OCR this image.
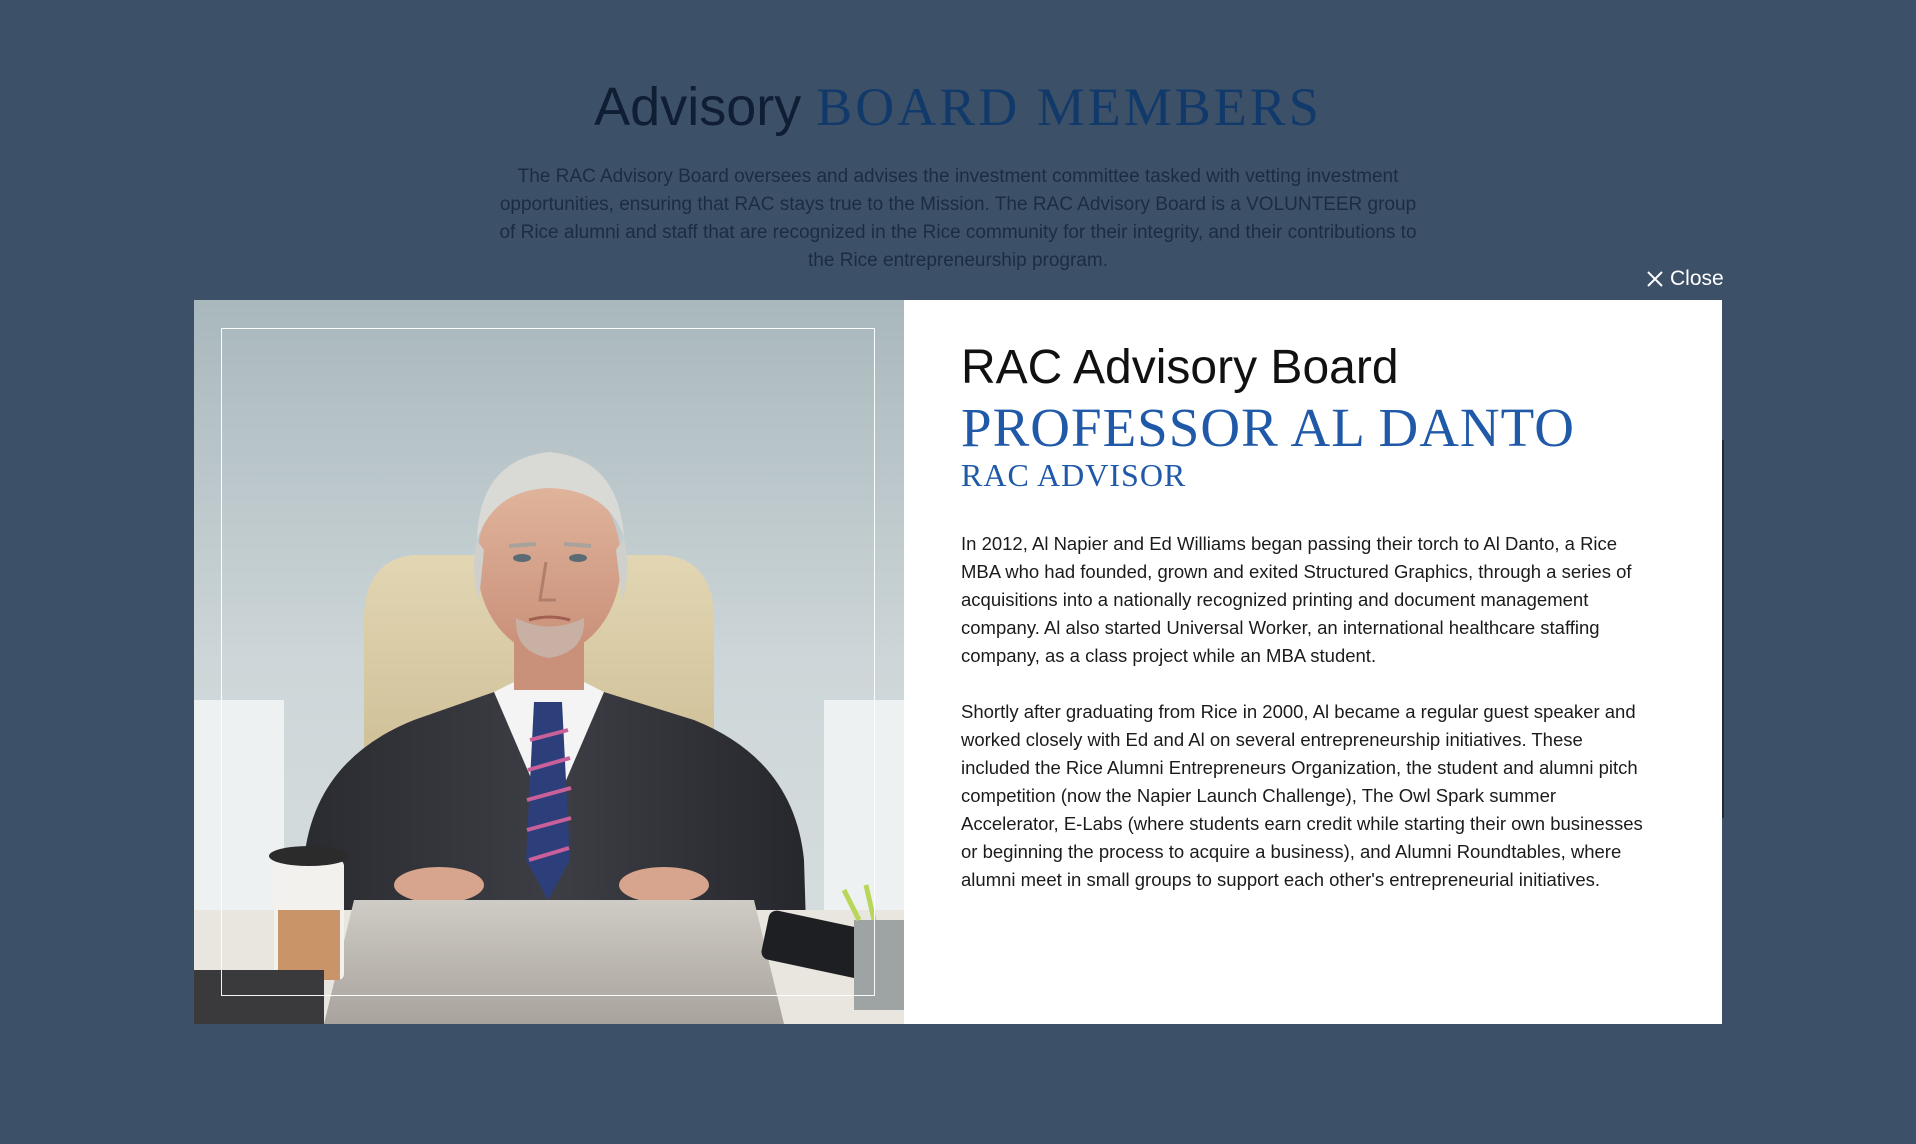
Advisory BOARD MEMBERS
The RAC Advisory Board oversees and advises the investment committee tasked with vetting investment opportunities, ensuring that RAC stays true to the Mission. The RAC Advisory Board is a VOLUNTEER group of Rice alumni and staff that are recognized in the Rice community for their integrity, and their contributions to the Rice entrepreneurship program.
Close
RAC Advisory Board
PROFESSOR AL DANTO
RAC ADVISOR

In 2012, Al Napier and Ed Williams began passing their torch to Al Danto, a Rice MBA who had founded, grown and exited Structured Graphics, through a series of acquisitions into a nationally recognized printing and document management company. Al also started Universal Worker, an international healthcare staffing company, as a class project while an MBA student.

Shortly after graduating from Rice in 2000, Al became a regular guest speaker and worked closely with Ed and Al on several entrepreneurship initiatives. These included the Rice Alumni Entrepreneurs Organization, the student and alumni pitch competition (now the Napier Launch Challenge), The Owl Spark summer Accelerator, E-Labs (where students earn credit while starting their own businesses or beginning the process to acquire a business), and Alumni Roundtables, where alumni meet in small groups to support each other's entrepreneurial initiatives.
